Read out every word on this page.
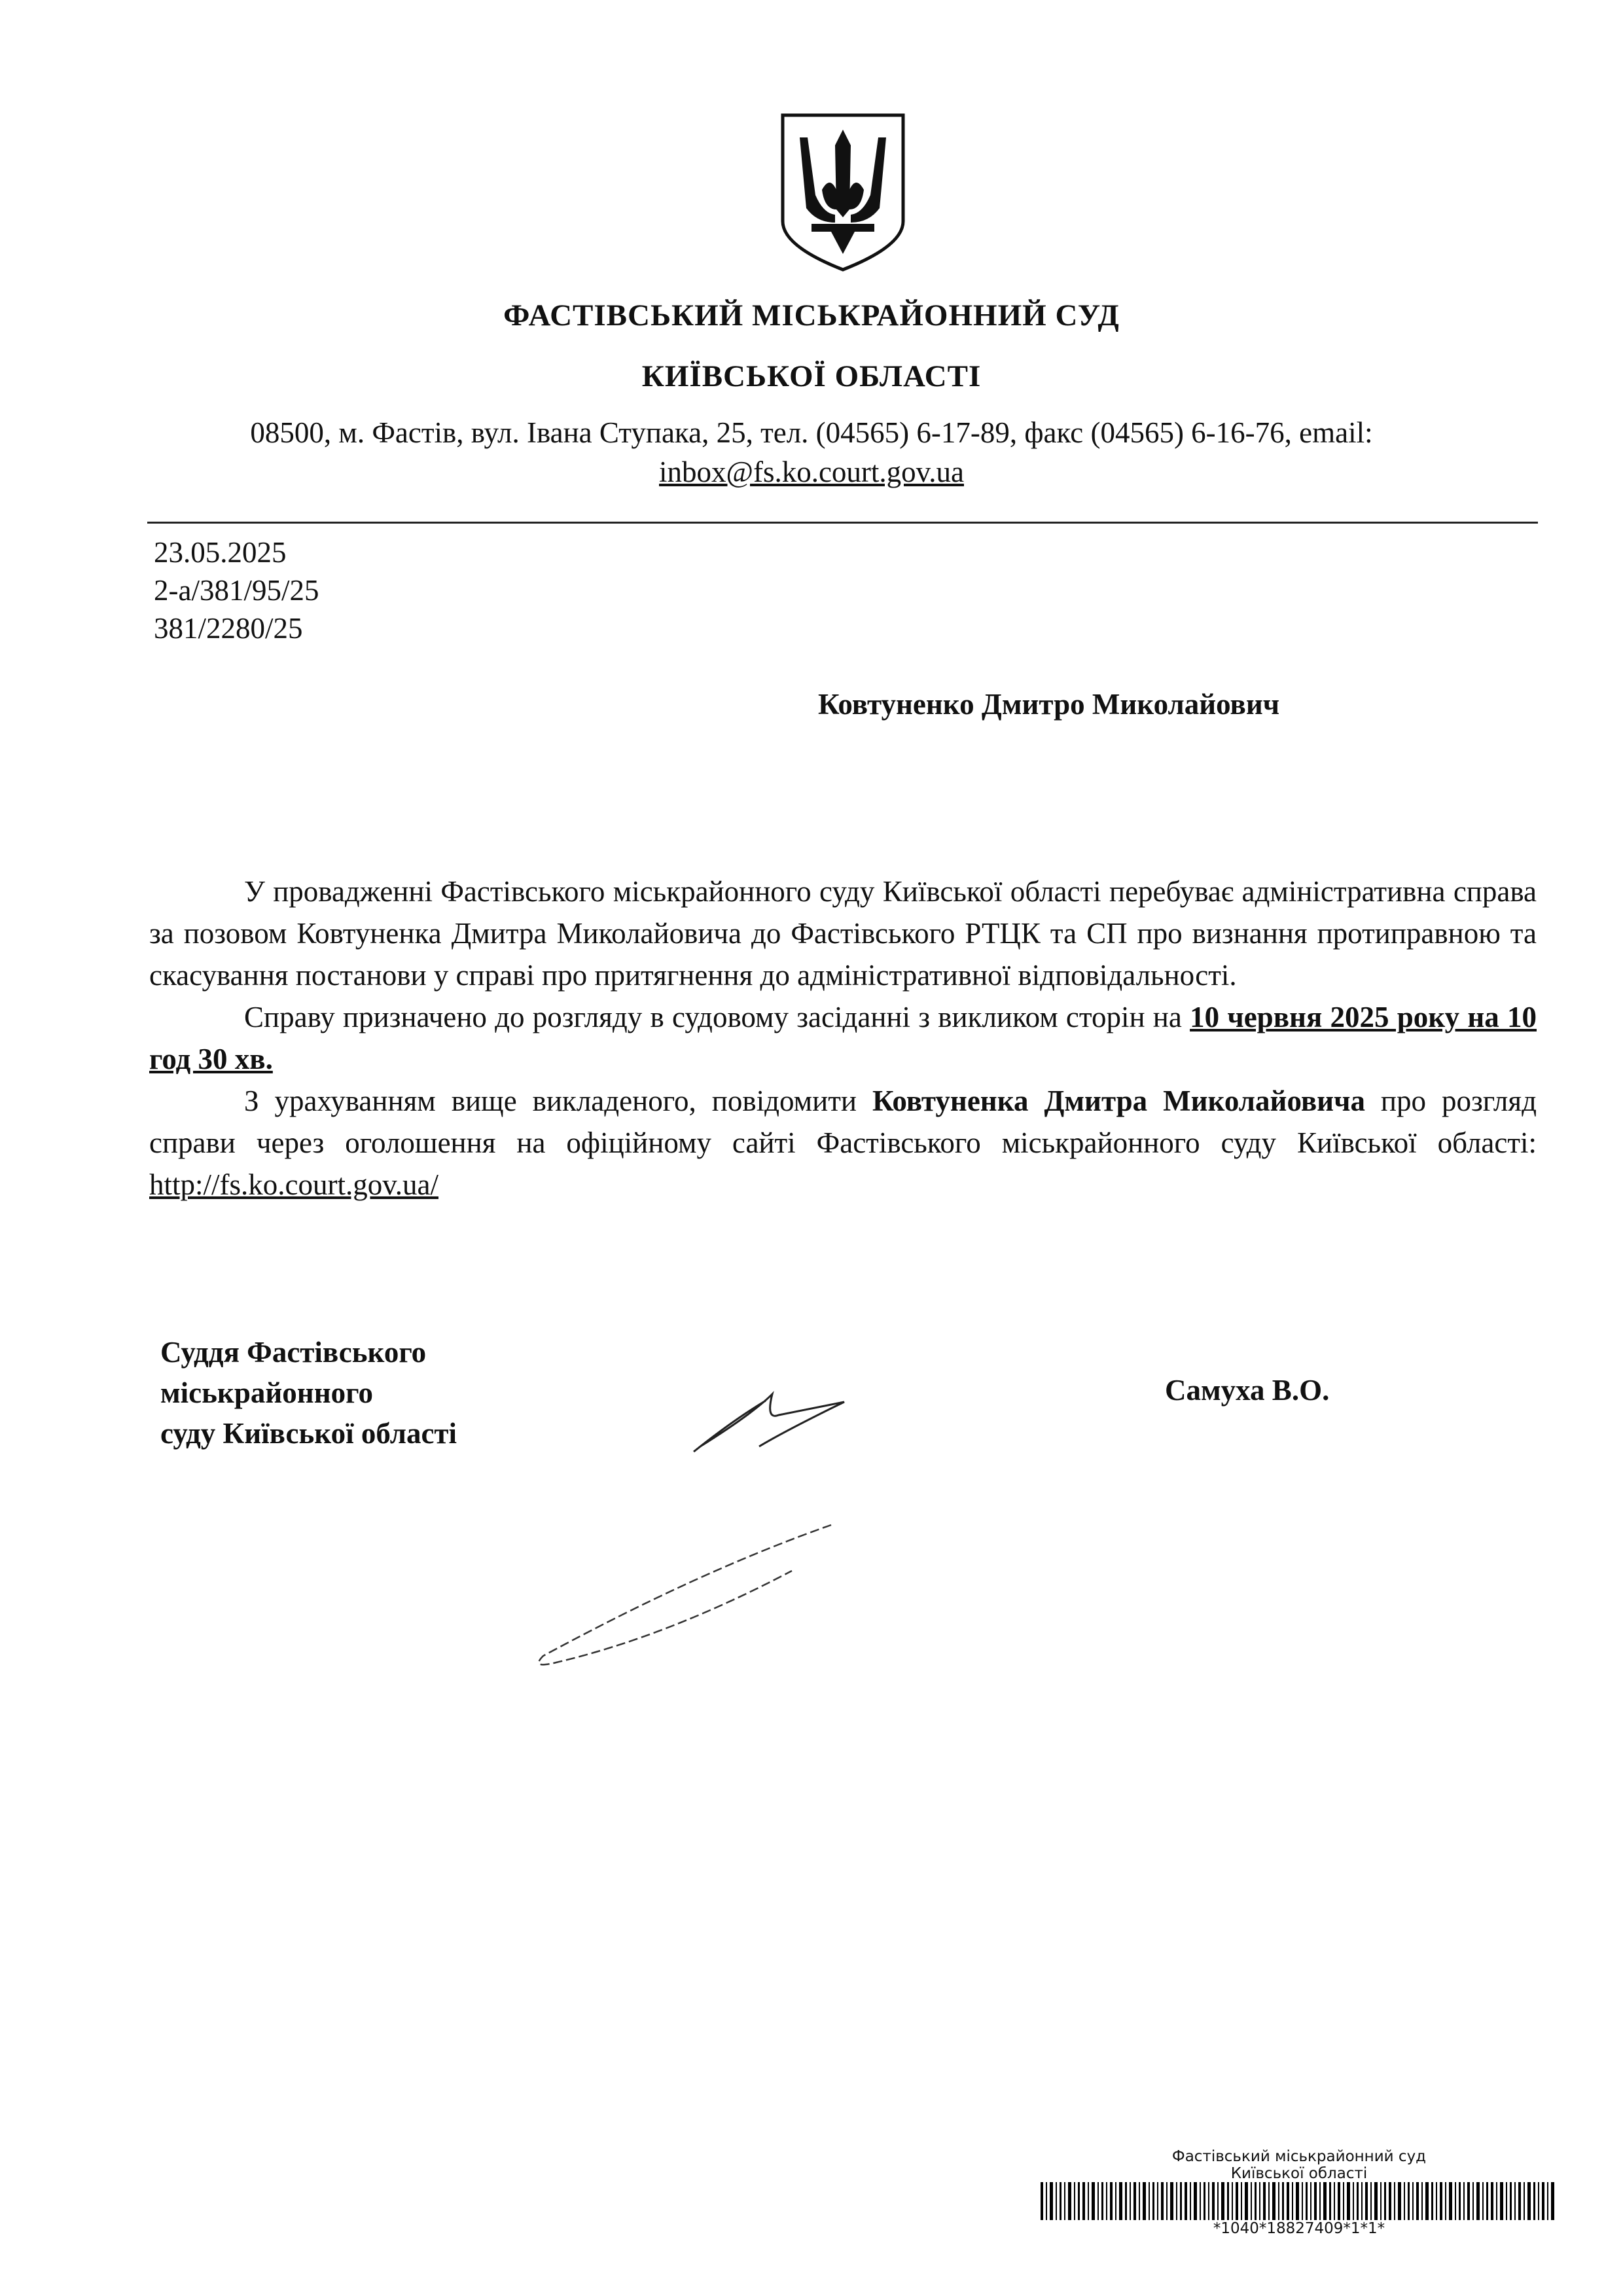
ФАСТІВСЬКИЙ МІСЬКРАЙОННИЙ СУД
КИЇВСЬКОЇ ОБЛАСТІ
08500, м. Фастів, вул. Івана Ступака, 25, тел. (04565) 6-17-89, факс (04565) 6-16-76, email:
inbox@fs.ko.court.gov.ua
23.05.2025
2-а/381/95/25
381/2280/25
Ковтуненко Дмитро Миколайович

У провадженні Фастівського міськрайонного суду Київської області перебуває адміністративна справа за позовом Ковтуненка Дмитра Миколайовича до Фастівського РТЦК та СП про визнання протиправною та скасування постанови у справі про притягнення до адміністративної відповідальності.

Справу призначено до розгляду в судовому засіданні з викликом сторін на 10 червня 2025 року на 10 год 30 хв.

З урахуванням вище викладеного, повідомити Ковтуненка Дмитра Миколайовича про розгляд справи через оголошення на офіційному сайті Фастівського міськрайонного суду Київської області: http://fs.ko.court.gov.ua/

Суддя Фастівського
міськрайонного
суду Київської області
Самуха В.О.
Фастівський міськрайонний суд
Київської області
*1040*18827409*1*1*
